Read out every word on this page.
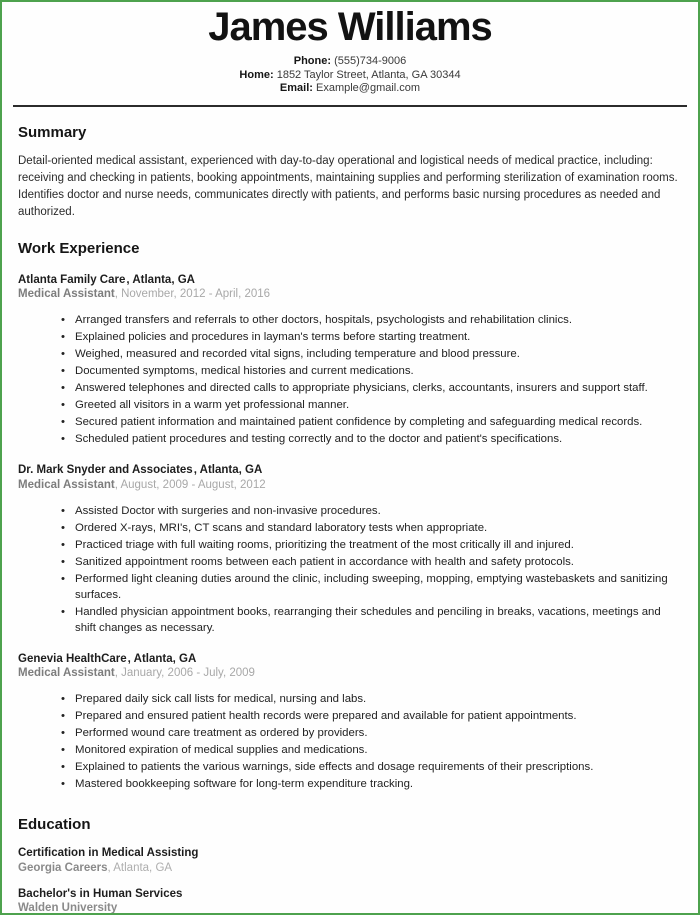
James Williams
Phone: (555)734-9006
Home: 1852 Taylor Street, Atlanta, GA 30344
Email: Example@gmail.com
Summary

Detail-oriented medical assistant, experienced with day-to-day operational and logistical needs of medical practice, including: receiving and checking in patients, booking appointments, maintaining supplies and performing sterilization of examination rooms. Identifies doctor and nurse needs, communicates directly with patients, and performs basic nursing procedures as needed and authorized.

Work Experience
Atlanta Family Care, Atlanta, GA
Medical Assistant, November, 2012 - April, 2016
• Arranged transfers and referrals to other doctors, hospitals, psychologists and rehabilitation clinics.
• Explained policies and procedures in layman's terms before starting treatment.
• Weighed, measured and recorded vital signs, including temperature and blood pressure.
• Documented symptoms, medical histories and current medications.
• Answered telephones and directed calls to appropriate physicians, clerks, accountants, insurers and support staff.
• Greeted all visitors in a warm yet professional manner.
• Secured patient information and maintained patient confidence by completing and safeguarding medical records.
• Scheduled patient procedures and testing correctly and to the doctor and patient's specifications.
Dr. Mark Snyder and Associates, Atlanta, GA
Medical Assistant, August, 2009 - August, 2012
• Assisted Doctor with surgeries and non-invasive procedures.
• Ordered X-rays, MRI's, CT scans and standard laboratory tests when appropriate.
• Practiced triage with full waiting rooms, prioritizing the treatment of the most critically ill and injured.
• Sanitized appointment rooms between each patient in accordance with health and safety protocols.
• Performed light cleaning duties around the clinic, including sweeping, mopping, emptying wastebaskets and sanitizing surfaces.
• Handled physician appointment books, rearranging their schedules and penciling in breaks, vacations, meetings and shift changes as necessary.
Genevia HealthCare, Atlanta, GA
Medical Assistant, January, 2006 - July, 2009
• Prepared daily sick call lists for medical, nursing and labs.
• Prepared and ensured patient health records were prepared and available for patient appointments.
• Performed wound care treatment as ordered by providers.
• Monitored expiration of medical supplies and medications.
• Explained to patients the various warnings, side effects and dosage requirements of their prescriptions.
• Mastered bookkeeping software for long-term expenditure tracking.
Education
Certification in Medical Assisting
Georgia Careers, Atlanta, GA
Bachelor's in Human Services
Walden University
